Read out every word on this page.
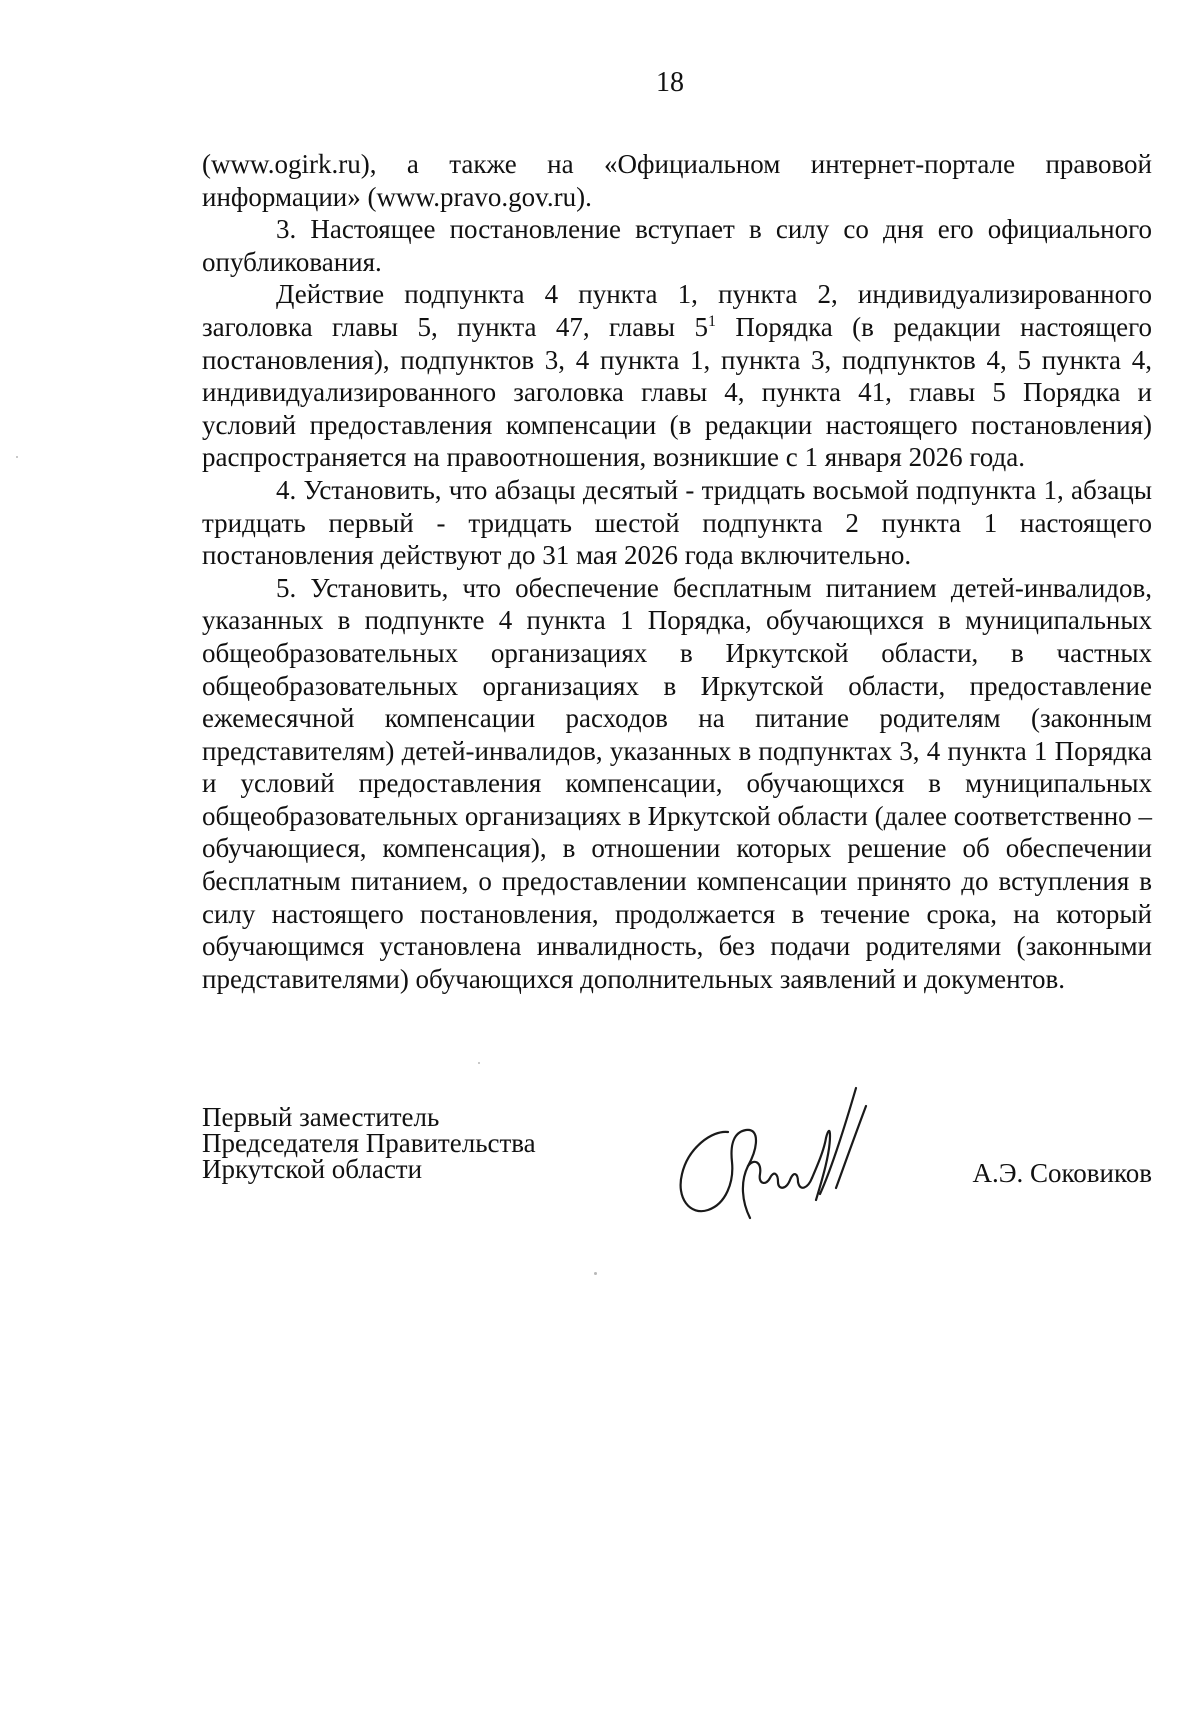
18

(www.ogirk.ru), а также на «Официальном интернет-портале правовой информации» (www.pravo.gov.ru).

3. Настоящее постановление вступает в силу со дня его официального опубликования.

Действие подпункта 4 пункта 1, пункта 2, индивидуализированного заголовка главы 5, пункта 47, главы $5^1$ Порядка (в редакции настоящего постановления), подпунктов 3, 4 пункта 1, пункта 3, подпунктов 4, 5 пункта 4, индивидуализированного заголовка главы 4, пункта 41, главы 5 Порядка и условий предоставления компенсации (в редакции настоящего постановления) распространяется на правоотношения, возникшие с 1 января 2026 года.

4. Установить, что абзацы десятый - тридцать восьмой подпункта 1, абзацы тридцать первый - тридцать шестой подпункта 2 пункта 1 настоящего постановления действуют до 31 мая 2026 года включительно.

5. Установить, что обеспечение бесплатным питанием детей-инвалидов, указанных в подпункте 4 пункта 1 Порядка, обучающихся в муниципальных общеобразовательных организациях в Иркутской области, в частных общеобразовательных организациях в Иркутской области, предоставление ежемесячной компенсации расходов на питание родителям (законным представителям) детей-инвалидов, указанных в подпунктах 3, 4 пункта 1 Порядка и условий предоставления компенсации, обучающихся в муниципальных общеобразовательных организациях в Иркутской области (далее соответственно – обучающиеся, компенсация), в отношении которых решение об обеспечении бесплатным питанием, о предоставлении компенсации принято до вступления в силу настоящего постановления, продолжается в течение срока, на который обучающимся установлена инвалидность, без подачи родителями (законными представителями) обучающихся дополнительных заявлений и документов.

Первый заместитель
Председателя Правительства
Иркутской области	А.Э. Соковиков
